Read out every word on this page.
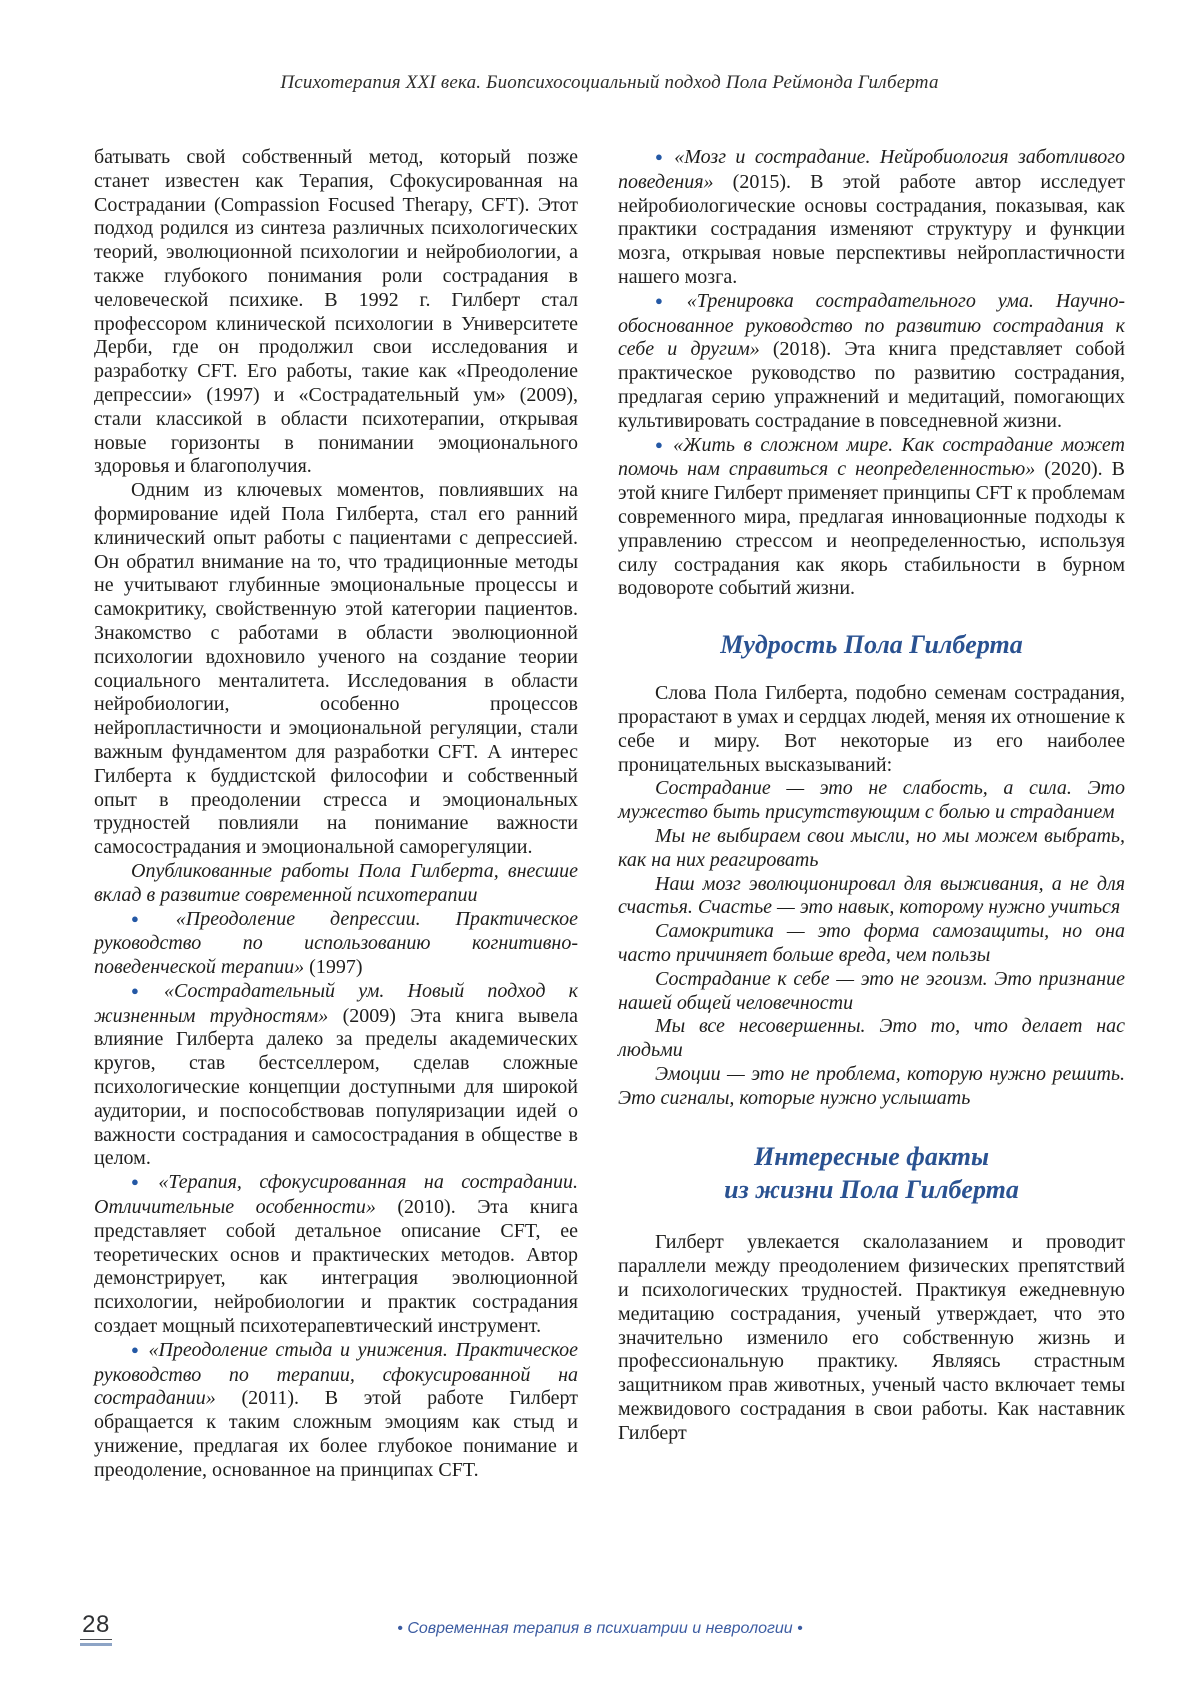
Психотерапия XXI века. Биопсихосоциальный подход Пола Реймонда Гилберта

батывать свой собственный метод, который позже станет известен как Терапия, Сфокусированная на Сострадании (Compassion Focused Therapy, CFT). Этот подход родился из синтеза различных психологических теорий, эволюционной психологии и нейробиологии, а также глубокого понимания роли сострадания в человеческой психике. В 1992 г. Гилберт стал профессором клинической психологии в Университете Дерби, где он продолжил свои исследования и разработку CFT. Его работы, такие как «Преодоление депрессии» (1997) и «Сострадательный ум» (2009), стали классикой в области психотерапии, открывая новые горизонты в понимании эмоционального здоровья и благополучия.

Одним из ключевых моментов, повлиявших на формирование идей Пола Гилберта, стал его ранний клинический опыт работы с пациентами с депрессией. Он обратил внимание на то, что традиционные методы не учитывают глубинные эмоциональные процессы и самокритику, свойственную этой категории пациентов. Знакомство с работами в области эволюционной психологии вдохновило ученого на создание теории социального менталитета. Исследования в области нейробиологии, особенно процессов нейропластичности и эмоциональной регуляции, стали важным фундаментом для разработки CFT. А интерес Гилберта к буддистской философии и собственный опыт в преодолении стресса и эмоциональных трудностей повлияли на понимание важности самосострадания и эмоциональной саморегуляции.

Опубликованные работы Пола Гилберта, внесшие вклад в развитие современной психотерапии

● «Преодоление депрессии. Практическое руководство по использованию когнитивно-поведенческой терапии» (1997)

● «Сострадательный ум. Новый подход к жизненным трудностям» (2009) Эта книга вывела влияние Гилберта далеко за пределы академических кругов, став бестселлером, сделав сложные психологические концепции доступными для широкой аудитории, и поспособствовав популяризации идей о важности сострадания и самосострадания в обществе в целом.

● «Терапия, сфокусированная на сострадании. Отличительные особенности» (2010). Эта книга представляет собой детальное описание CFT, ее теоретических основ и практических методов. Автор демонстрирует, как интеграция эволюционной психологии, нейробиологии и практик сострадания создает мощный психотерапевтический инструмент.

● «Преодоление стыда и унижения. Практическое руководство по терапии, сфокусированной на сострадании» (2011). В этой работе Гилберт обращается к таким сложным эмоциям как стыд и унижение, предлагая их более глубокое понимание и преодоление, основанное на принципах CFT.

● «Мозг и сострадание. Нейробиология заботливого поведения» (2015). В этой работе автор исследует нейробиологические основы сострадания, показывая, как практики сострадания изменяют структуру и функции мозга, открывая новые перспективы нейропластичности нашего мозга.

● «Тренировка сострадательного ума. Научно-обоснованное руководство по развитию сострадания к себе и другим» (2018). Эта книга представляет собой практическое руководство по развитию сострадания, предлагая серию упражнений и медитаций, помогающих культивировать сострадание в повседневной жизни.

● «Жить в сложном мире. Как сострадание может помочь нам справиться с неопределенностью» (2020). В этой книге Гилберт применяет принципы CFT к проблемам современного мира, предлагая инновационные подходы к управлению стрессом и неопределенностью, используя силу сострадания как якорь стабильности в бурном водовороте событий жизни.

Мудрость Пола Гилберта

Слова Пола Гилберта, подобно семенам сострадания, прорастают в умах и сердцах людей, меняя их отношение к себе и миру. Вот некоторые из его наиболее проницательных высказываний:

Сострадание — это не слабость, а сила. Это мужество быть присутствующим с болью и страданием

Мы не выбираем свои мысли, но мы можем выбрать, как на них реагировать

Наш мозг эволюционировал для выживания, а не для счастья. Счастье — это навык, которому нужно учиться

Самокритика — это форма самозащиты, но она часто причиняет больше вреда, чем пользы

Сострадание к себе — это не эгоизм. Это признание нашей общей человечности

Мы все несовершенны. Это то, что делает нас людьми

Эмоции — это не проблема, которую нужно решить. Это сигналы, которые нужно услышать

Интересные факты
из жизни Пола Гилберта

Гилберт увлекается скалолазанием и проводит параллели между преодолением физических препятствий и психологических трудностей. Практикуя ежедневную медитацию сострадания, ученый утверждает, что это значительно изменило его собственную жизнь и профессиональную практику. Являясь страстным защитником прав животных, ученый часто включает темы межвидового сострадания в свои работы. Как наставник Гилберт

28	• Современная терапия в психиатрии и неврологии •
